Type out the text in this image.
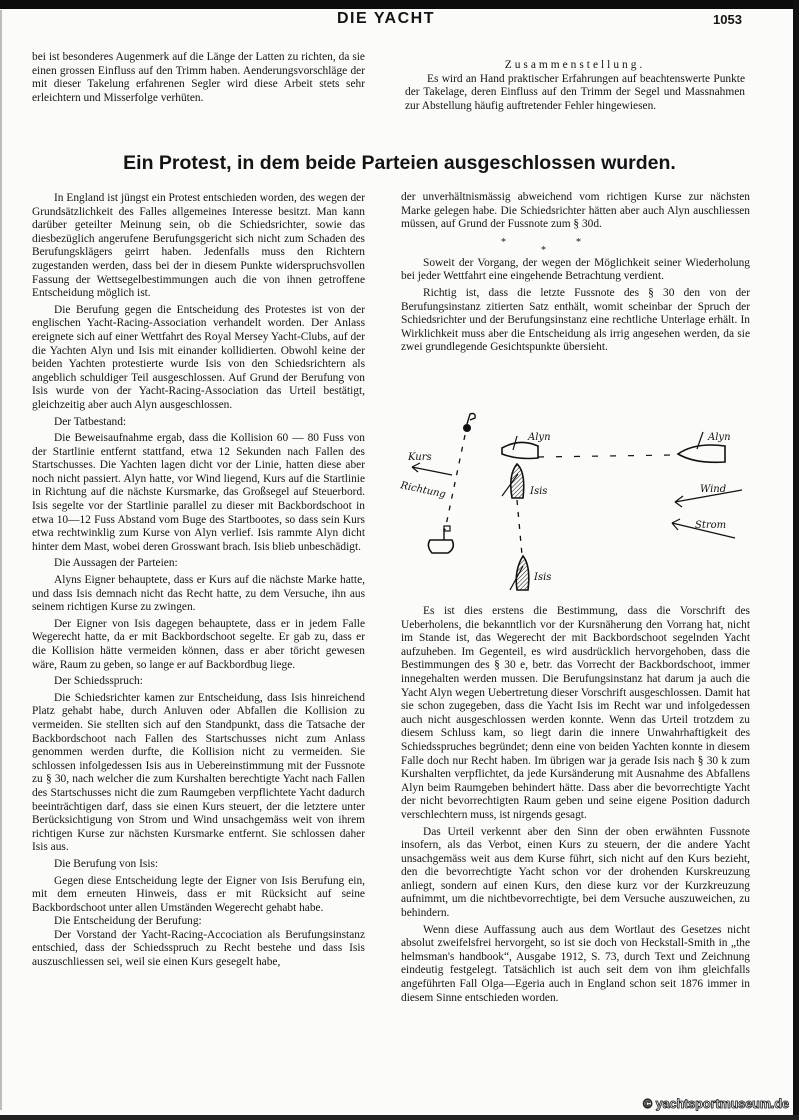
DIE YACHT	1053

bei ist besonderes Augenmerk auf die Länge der Latten zu richten, da sie einen grossen Einfluss auf den Trimm haben. Aenderungsvorschläge der mit dieser Takelung erfahrenen Segler wird diese Arbeit stets sehr erleichtern und Misserfolge verhüten.

Zusammenstellung.

Es wird an Hand praktischer Erfahrungen auf beachtenswerte Punkte der Takelage, deren Einfluss auf den Trimm der Segel und Massnahmen zur Abstellung häufig auftretender Fehler hingewiesen.

Ein Protest, in dem beide Parteien ausgeschlossen wurden.

In England ist jüngst ein Protest entschieden worden, des wegen der Grundsätzlichkeit des Falles allgemeines Interesse besitzt. Man kann darüber geteilter Meinung sein, ob die Schiedsrichter, sowie das diesbezüglich angerufene Berufungsgericht sich nicht zum Schaden des Berufungsklägers geirrt haben. Jedenfalls muss den Richtern zugestanden werden, dass bei der in diesem Punkte widerspruchsvollen Fassung der Wettsegelbestimmungen auch die von ihnen getroffene Entscheidung möglich ist.

Die Berufung gegen die Entscheidung des Protestes ist von der englischen Yacht-Racing-Association verhandelt worden. Der Anlass ereignete sich auf einer Wettfahrt des Royal Mersey Yacht-Clubs, auf der die Yachten Alyn und Isis mit einander kollidierten. Obwohl keine der beiden Yachten protestierte wurde Isis von den Schiedsrichtern als angeblich schuldiger Teil ausgeschlossen. Auf Grund der Berufung von Isis wurde von der Yacht-Racing-Association das Urteil bestätigt, gleichzeitig aber auch Alyn ausgeschlossen.

Der Tatbestand:

Die Beweisaufnahme ergab, dass die Kollision 60 — 80 Fuss von der Startlinie entfernt stattfand, etwa 12 Sekunden nach Fallen des Startschusses. Die Yachten lagen dicht vor der Linie, hatten diese aber noch nicht passiert. Alyn hatte, vor Wind liegend, Kurs auf die Startlinie in Richtung auf die nächste Kursmarke, das Großsegel auf Steuerbord. Isis segelte vor der Startlinie parallel zu dieser mit Backbordschoot in etwa 10—12 Fuss Abstand vom Buge des Startbootes, so dass sein Kurs etwa rechtwinklig zum Kurse von Alyn verlief. Isis rammte Alyn dicht hinter dem Mast, wobei deren Grosswant brach. Isis blieb unbeschädigt.

Die Aussagen der Parteien:

Alyns Eigner behauptete, dass er Kurs auf die nächste Marke hatte, und dass Isis demnach nicht das Recht hatte, zu dem Versuche, ihn aus seinem richtigen Kurse zu zwingen.

Der Eigner von Isis dagegen behauptete, dass er in jedem Falle Wegerecht hatte, da er mit Backbordschoot segelte. Er gab zu, dass er die Kollision hätte vermeiden können, dass er aber töricht gewesen wäre, Raum zu geben, so lange er auf Backbordbug liege.

Der Schiedsspruch:

Die Schiedsrichter kamen zur Entscheidung, dass Isis hinreichend Platz gehabt habe, durch Anluven oder Abfallen die Kollision zu vermeiden. Sie stellten sich auf den Standpunkt, dass die Tatsache der Backbordschoot nach Fallen des Startschusses nicht zum Anlass genommen werden durfte, die Kollision nicht zu vermeiden. Sie schlossen infolgedessen Isis aus in Uebereinstimmung mit der Fussnote zu § 30, nach welcher die zum Kurshalten berechtigte Yacht nach Fallen des Startschusses nicht die zum Raumgeben verpflichtete Yacht dadurch beeinträchtigen darf, dass sie einen Kurs steuert, der die letztere unter Berücksichtigung von Strom und Wind unsachgemäss weit von ihrem richtigen Kurse zur nächsten Kursmarke entfernt. Sie schlossen daher Isis aus.

Die Berufung von Isis:

Gegen diese Entscheidung legte der Eigner von Isis Berufung ein, mit dem erneuten Hinweis, dass er mit Rücksicht auf seine Backbordschoot unter allen Umständen Wegerecht gehabt habe.

Die Entscheidung der Berufung:

Der Vorstand der Yacht-Racing-Accociation als Berufungsinstanz entschied, dass der Schiedsspruch zu Recht bestehe und dass Isis auszuschliessen sei, weil sie einen Kurs gesegelt habe,

der unverhältnismässig abweichend vom richtigen Kurse zur nächsten Marke gelegen habe. Die Schiedsrichter hätten aber auch Alyn auschliessen müssen, auf Grund der Fussnote zum § 30d.

*	*
*

Soweit der Vorgang, der wegen der Möglichkeit seiner Wiederholung bei jeder Wettfahrt eine eingehende Betrachtung verdient.

Richtig ist, dass die letzte Fussnote des § 30 den von der Berufungsinstanz zitierten Satz enthält, womit scheinbar der Spruch der Schiedsrichter und der Berufungsinstanz eine rechtliche Unterlage erhält. In Wirklichkeit muss aber die Entscheidung als irrig angesehen werden, da sie zwei grundlegende Gesichtspunkte übersieht.

Kurs
Richtung
Alyn	Alyn
Isis
Isis
Wind
Strom

Es ist dies erstens die Bestimmung, dass die Vorschrift des Ueberholens, die bekanntlich vor der Kursnäherung den Vorrang hat, nicht im Stande ist, das Wegerecht der mit Backbordschoot segelnden Yacht aufzuheben. Im Gegenteil, es wird ausdrücklich hervorgehoben, dass die Bestimmungen des § 30 e, betr. das Vorrecht der Backbordschoot, immer innegehalten werden mussen. Die Berufungsinstanz hat darum ja auch die Yacht Alyn wegen Uebertretung dieser Vorschrift ausgeschlossen. Damit hat sie schon zugegeben, dass die Yacht Isis im Recht war und infolgedessen auch nicht ausgeschlossen werden konnte. Wenn das Urteil trotzdem zu diesem Schluss kam, so liegt darin die innere Unwahrhaftigkeit des Schiedsspruches begründet; denn eine von beiden Yachten konnte in diesem Falle doch nur Recht haben. Im übrigen war ja gerade Isis nach § 30 k zum Kurshalten verpflichtet, da jede Kursänderung mit Ausnahme des Abfallens Alyn beim Raumgeben behindert hätte. Dass aber die bevorrechtigte Yacht der nicht bevorrechtigten Raum geben und seine eigene Position dadurch verschlechtern muss, ist nirgends gesagt.

Das Urteil verkennt aber den Sinn der oben erwähnten Fussnote insofern, als das Verbot, einen Kurs zu steuern, der die andere Yacht unsachgemäss weit aus dem Kurse führt, sich nicht auf den Kurs bezieht, den die bevorrechtigte Yacht schon vor der drohenden Kurskreuzung anliegt, sondern auf einen Kurs, den diese kurz vor der Kurzkreuzung aufnimmt, um die nichtbevorrechtigte, bei dem Versuche auszuweichen, zu behindern.

Wenn diese Auffassung auch aus dem Wortlaut des Gesetzes nicht absolut zweifelsfrei hervorgeht, so ist sie doch von Heckstall-Smith in „the helmsman's handbook“, Ausgabe 1912, S. 73, durch Text und Zeichnung eindeutig festgelegt. Tatsächlich ist auch seit dem von ihm gleichfalls angeführten Fall Olga—Egeria auch in England schon seit 1876 immer in diesem Sinne entschieden worden.

© yachtsportmuseum.de
